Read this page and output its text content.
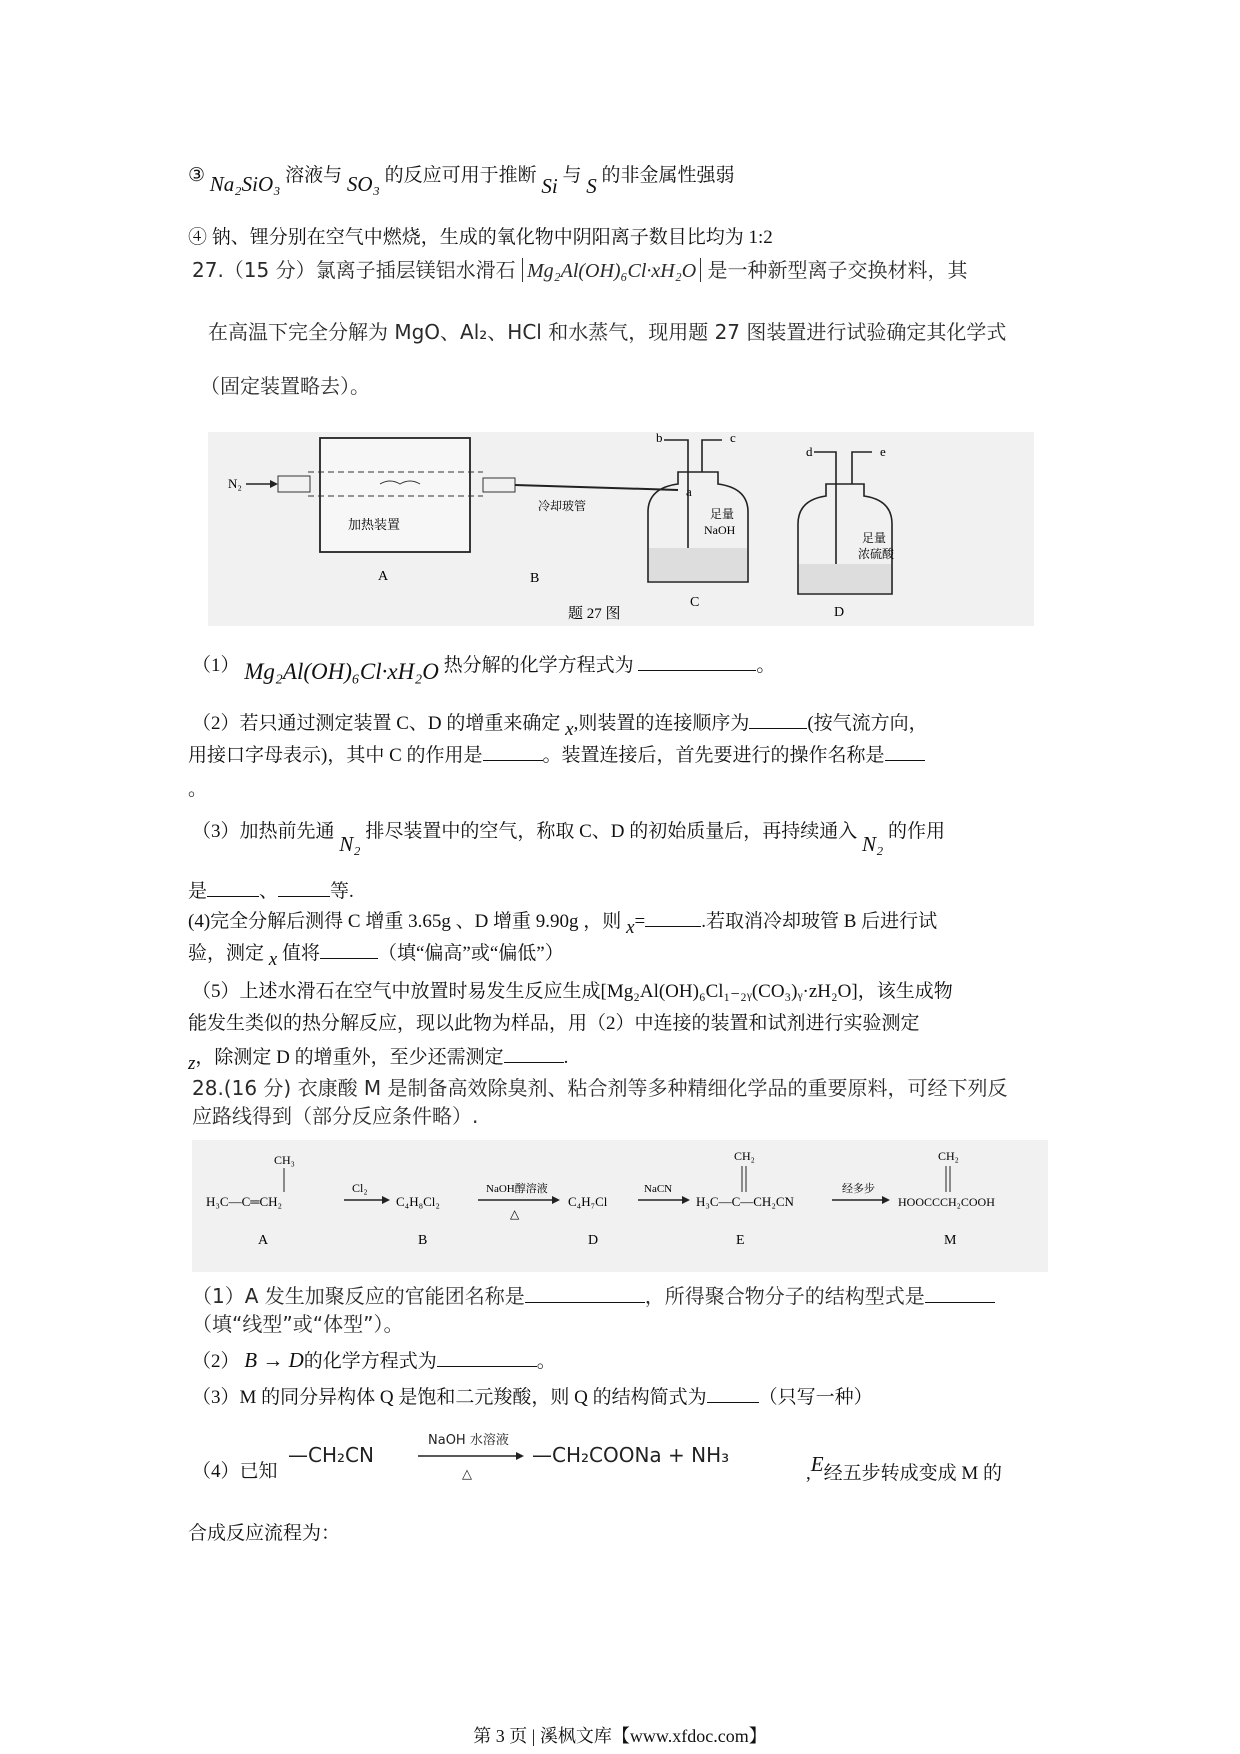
③ Na₂SiO₃ 溶液与 SO₃ 的反应可用于推断 Si 与 S 的非金属性强弱
④ 钠、锂分别在空气中燃烧，生成的氧化物中阴阳离子数目比均为 1:2
27.（15 分）氯离子插层镁铝水滑石 Mg₂Al(OH)₆Cl·xH₂O 是一种新型离子交换材料，其
在高温下完全分解为 MgO、Al₂、HCl 和水蒸气，现用题 27 图装置进行试验确定其化学式
（固定装置略去）。
N₂
加热装置
A
冷却玻管
a
B
b	c
足量
NaOH
C
d	e
足量
浓硫酸
D
题 27 图
（1） Mg₂Al(OH)₆Cl·xH₂O 热分解的化学方程式为	。
（2）若只通过测定装置 C、D 的增重来确定 x,则装置的连接顺序为	(按气流方向，
用接口字母表示)，其中 C 的作用是	。装置连接后，首先要进行的操作名称是
。
（3）加热前先通 N₂ 排尽装置中的空气，称取 C、D 的初始质量后，再持续通入 N₂ 的作用
是	、	等.
(4)完全分解后测得 C 增重 3.65g 、D 增重 9.90g ，则 x=	.若取消冷却玻管 B 后进行试
验，测定 x 值将	（填“偏高”或“偏低”）
（5）上述水滑石在空气中放置时易发生反应生成[Mg₂Al(OH)₆Cl₁₋₂ᵧ(CO₃)ᵧ·zH₂O]，该生成物
能发生类似的热分解反应，现以此物为样品，用（2）中连接的装置和试剂进行实验测定
z，除测定 D 的增重外，至少还需测定	.
28.(16 分) 衣康酸 M 是制备高效除臭剂、粘合剂等多种精细化学品的重要原料，可经下列反
应路线得到（部分反应条件略）.
CH₃
H₃C—C═CH₂
A
Cl₂
C₄H₈Cl₂
B
NaOH醇溶液
△
C₄H₇Cl
D
NaCN
CH₂
H₃C—C—CH₂CN
E
经多步
CH₂
HOOCCCH₂COOH
M
（1）A 发生加聚反应的官能团名称是	，所得聚合物分子的结构型式是
（填“线型”或“体型”）。
（2） B → D的化学方程式为	。
（3）M 的同分异构体 Q 是饱和二元羧酸，则 Q 的结构简式为	（只写一种）
（4）已知
—CH₂CN
NaOH 水溶液
△
—CH₂COONa + NH₃
,E经五步转成变成 M 的
合成反应流程为：
第 3 页 | 溪枫文库【www.xfdoc.com】
